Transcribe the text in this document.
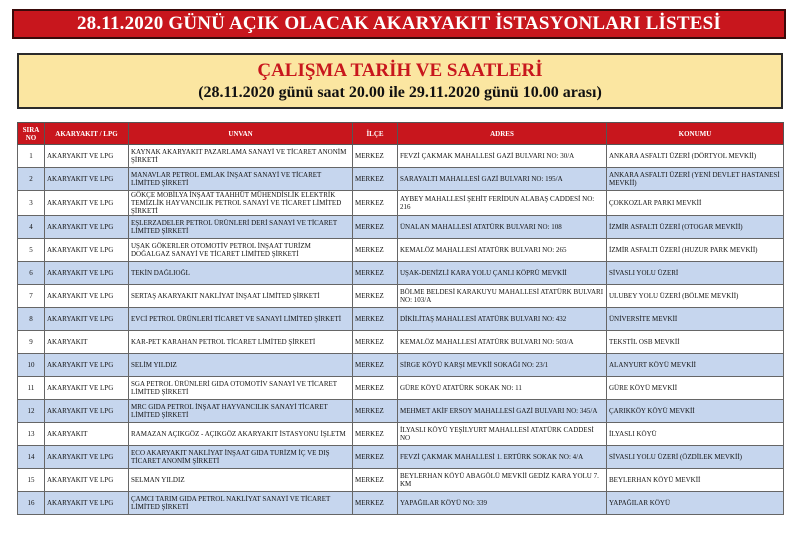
28.11.2020 GÜNÜ AÇIK OLACAK AKARYAKIT İSTASYONLARI LİSTESİ
ÇALIŞMA TARİH VE SAATLERİ
(28.11.2020 günü saat 20.00 ile 29.11.2020 günü 10.00 arası)
SIRA NO	AKARYAKIT / LPG	UNVAN	İLÇE	ADRES	KONUMU
1	AKARYAKIT VE LPG	KAYNAK AKARYAKIT PAZARLAMA SANAYİ VE TİCARET ANONİM ŞİRKETİ	MERKEZ	FEVZİ ÇAKMAK MAHALLESİ GAZİ BULVARI NO: 30/A	ANKARA ASFALTI ÜZERİ (DÖRTYOL MEVKİİ)

2	AKARYAKIT VE LPG	MANAVLAR PETROL EMLAK İNŞAAT SANAYİ VE TİCARET LİMİTED ŞİRKETİ	MERKEZ	SARAYALTI MAHALLESİ GAZİ BULVARI NO: 195/A	ANKARA ASFALTI ÜZERİ (YENİ DEVLET HASTANESİ MEVKİİ)

3	AKARYAKIT VE LPG	GÖKÇE MOBİLYA İNŞAAT TAAHHÜT MÜHENDİSLİK ELEKTRİK TEMİZLİK HAYVANCILIK PETROL SANAYİ VE TİCARET LİMİTED ŞİRKETİ	MERKEZ	AYBEY MAHALLESİ ŞEHİT FERİDUN ALABAŞ CADDESİ NO: 216	ÇOKKOZLAR PARKI MEVKİİ

4	AKARYAKIT VE LPG	EŞLERZADELER PETROL ÜRÜNLERİ DERİ SANAYİ VE TİCARET LİMİTED ŞİRKETİ	MERKEZ	ÜNALAN MAHALLESİ ATATÜRK BULVARI NO: 108	İZMİR ASFALTI ÜZERİ (OTOGAR MEVKİİ)

5	AKARYAKIT VE LPG	UŞAK GÖKERLER OTOMOTİV PETROL İNŞAAT TURİZM DOĞALGAZ SANAYİ VE TİCARET LİMİTED ŞİRKETİ	MERKEZ	KEMALÖZ MAHALLESİ ATATÜRK BULVARI NO: 265	İZMİR ASFALTI ÜZERİ (HUZUR PARK MEVKİİ)

6	AKARYAKIT VE LPG	TEKİN DAĞLIOĞL	MERKEZ	UŞAK-DENİZLİ KARA YOLU ÇANLI KÖPRÜ MEVKİİ	SİVASLI YOLU ÜZERİ

7	AKARYAKIT VE LPG	SERTAŞ AKARYAKIT NAKLİYAT İNŞAAT LİMİTED ŞİRKETİ	MERKEZ	BÖLME BELDESİ KARAKUYU MAHALLESİ ATATÜRK BULVARI NO: 103/A	ULUBEY YOLU ÜZERİ (BÖLME MEVKİİ)

8	AKARYAKIT VE LPG	EVCİ PETROL ÜRÜNLERİ TİCARET VE SANAYİ LİMİTED ŞİRKETİ	MERKEZ	DİKİLİTAŞ MAHALLESİ ATATÜRK BULVARI NO: 432	ÜNİVERSİTE MEVKİİ

9	AKARYAKIT	KAR-PET KARAHAN PETROL TİCARET LİMİTED ŞİRKETİ	MERKEZ	KEMALÖZ MAHALLESİ ATATÜRK BULVARI NO: 503/A	TEKSTİL OSB MEVKİİ

10	AKARYAKIT VE LPG	SELİM YILDIZ	MERKEZ	SİRGE KÖYÜ KARŞI MEVKİİ SOKAĞI NO: 23/1	ALANYURT KÖYÜ MEVKİİ

11	AKARYAKIT VE LPG	SGA PETROL ÜRÜNLERİ GIDA OTOMOTİV SANAYİ VE TİCARET LİMİTED ŞİRKETİ	MERKEZ	GÜRE KÖYÜ ATATÜRK SOKAK NO: 11	GÜRE KÖYÜ MEVKİİ

12	AKARYAKIT VE LPG	MRC GIDA PETROL İNŞAAT HAYVANCILIK SANAYİ TİCARET LİMİTED ŞİRKETİ	MERKEZ	MEHMET AKİF ERSOY MAHALLESİ GAZİ BULVARI NO: 345/A	ÇARIKKÖY KÖYÜ MEVKİİ

13	AKARYAKIT	RAMAZAN AÇIKGÖZ - AÇIKGÖZ AKARYAKIT İSTASYONU İŞLETM	MERKEZ	İLYASLI KÖYÜ YEŞİLYURT MAHALLESİ ATATÜRK CADDESİ NO	İLYASLI KÖYÜ

14	AKARYAKIT VE LPG	ECO AKARYAKIT NAKLİYAT İNŞAAT GIDA TURİZM İÇ VE DIŞ TİCARET ANONİM ŞİRKETİ	MERKEZ	FEVZİ ÇAKMAK MAHALLESİ 1. ERTÜRK SOKAK NO: 4/A	SİVASLI YOLU ÜZERİ (ÖZDİLEK MEVKİİ)

15	AKARYAKIT VE LPG	SELMAN YILDIZ	MERKEZ	BEYLERHAN KÖYÜ ABAGÖLÜ MEVKİİ GEDİZ KARA YOLU 7. KM	BEYLERHAN KÖYÜ MEVKİİ

16	AKARYAKIT VE LPG	ÇAMCI TARIM GIDA PETROL NAKLİYAT SANAYİ VE TİCARET LİMİTED ŞİRKETİ	MERKEZ	YAPAĞILAR KÖYÜ NO: 339	YAPAĞILAR KÖYÜ
